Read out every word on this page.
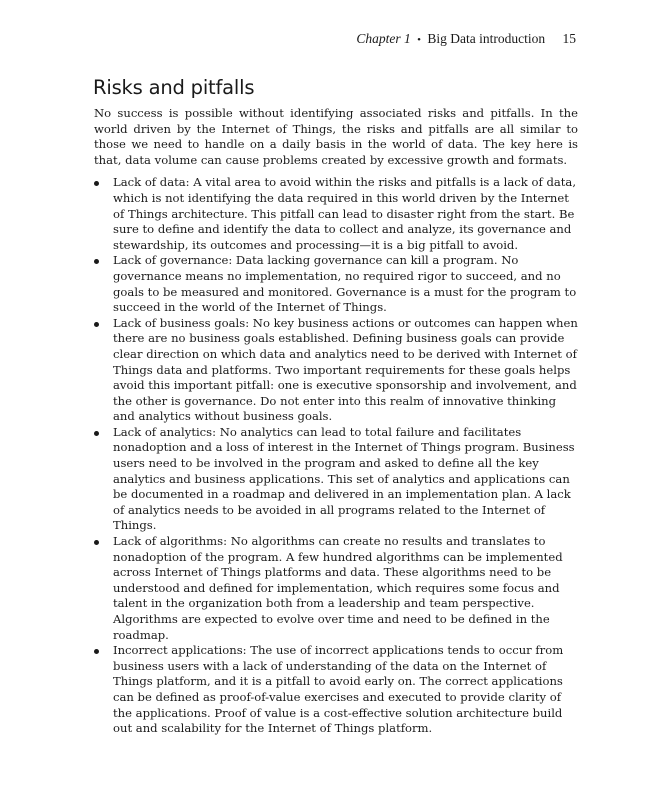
Chapter 1 • Big Data introduction 15
Risks and pitfalls

No success is possible without identifying associated risks and pitfalls. In the world driven by the Internet of Things, the risks and pitfalls are all similar to those we need to handle on a daily basis in the world of data. The key here is that, data volume can cause problems created by excessive growth and formats.

Lack of data: A vital area to avoid within the risks and pitfalls is a lack of data, which is not identifying the data required in this world driven by the Internet of Things architecture. This pitfall can lead to disaster right from the start. Be sure to define and identify the data to collect and analyze, its governance and stewardship, its outcomes and processing—it is a big pitfall to avoid.
Lack of governance: Data lacking governance can kill a program. No governance means no implementation, no required rigor to succeed, and no goals to be measured and monitored. Governance is a must for the program to succeed in the world of the Internet of Things.
Lack of business goals: No key business actions or outcomes can happen when there are no business goals established. Defining business goals can provide clear direction on which data and analytics need to be derived with Internet of Things data and platforms. Two important requirements for these goals helps avoid this important pitfall: one is executive sponsorship and involvement, and the other is governance. Do not enter into this realm of innovative thinking and analytics without business goals.
Lack of analytics: No analytics can lead to total failure and facilitates nonadoption and a loss of interest in the Internet of Things program. Business users need to be involved in the program and asked to define all the key analytics and business applications. This set of analytics and applications can be documented in a roadmap and delivered in an implementation plan. A lack of analytics needs to be avoided in all programs related to the Internet of Things.
Lack of algorithms: No algorithms can create no results and translates to nonadoption of the program. A few hundred algorithms can be implemented across Internet of Things platforms and data. These algorithms need to be understood and defined for implementation, which requires some focus and talent in the organization both from a leadership and team perspective. Algorithms are expected to evolve over time and need to be defined in the roadmap.
Incorrect applications: The use of incorrect applications tends to occur from business users with a lack of understanding of the data on the Internet of Things platform, and it is a pitfall to avoid early on. The correct applications can be defined as proof-of-value exercises and executed to provide clarity of the applications. Proof of value is a cost-effective solution architecture build out and scalability for the Internet of Things platform.
